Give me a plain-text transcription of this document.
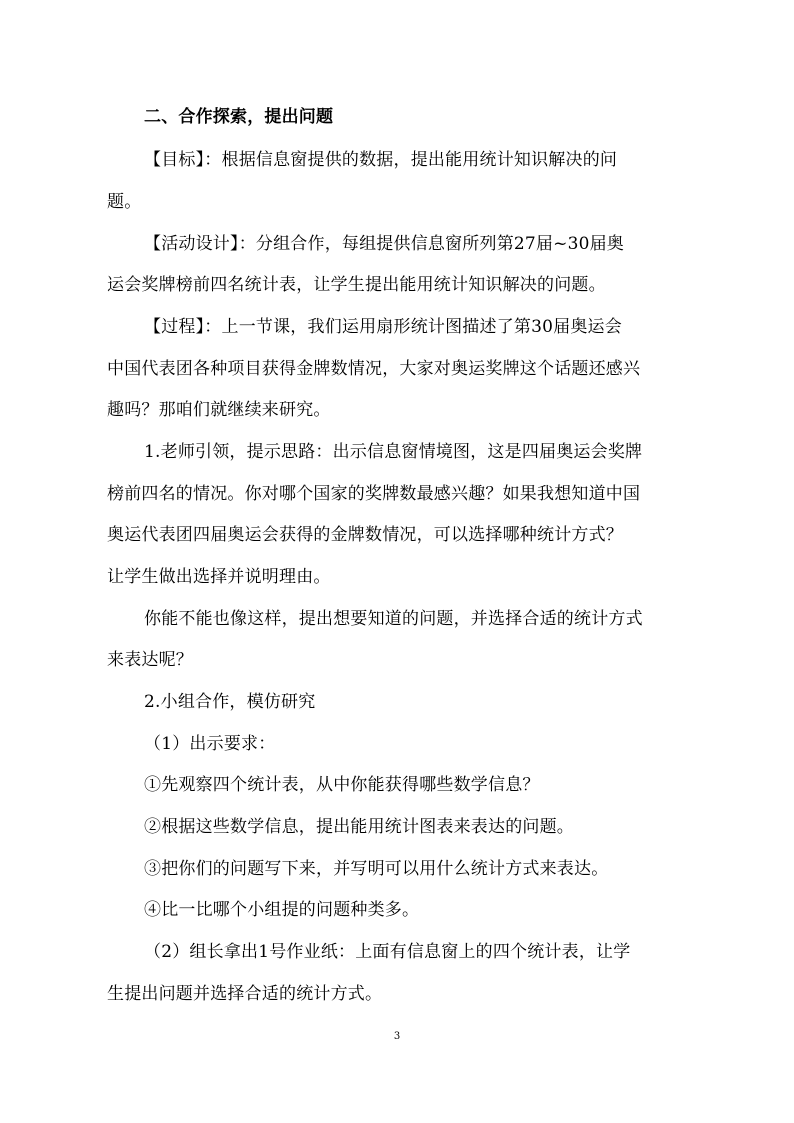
二、合作探索，提出问题
【目标】：根据信息窗提供的数据，提出能用统计知识解决的问
题。
【活动设计】：分组合作，每组提供信息窗所列第27届~30届奥
运会奖牌榜前四名统计表，让学生提出能用统计知识解决的问题。
【过程】：上一节课，我们运用扇形统计图描述了第30届奥运会
中国代表团各种项目获得金牌数情况，大家对奥运奖牌这个话题还感兴
趣吗？那咱们就继续来研究。
1.老师引领，提示思路：出示信息窗情境图，这是四届奥运会奖牌
榜前四名的情况。你对哪个国家的奖牌数最感兴趣？如果我想知道中国
奥运代表团四届奥运会获得的金牌数情况，可以选择哪种统计方式？
让学生做出选择并说明理由。
你能不能也像这样，提出想要知道的问题，并选择合适的统计方式
来表达呢？
2.小组合作，模仿研究
（1）出示要求：
①先观察四个统计表，从中你能获得哪些数学信息？
②根据这些数学信息，提出能用统计图表来表达的问题。
③把你们的问题写下来，并写明可以用什么统计方式来表达。
④比一比哪个小组提的问题种类多。
（2）组长拿出1号作业纸：上面有信息窗上的四个统计表，让学
生提出问题并选择合适的统计方式。
3
